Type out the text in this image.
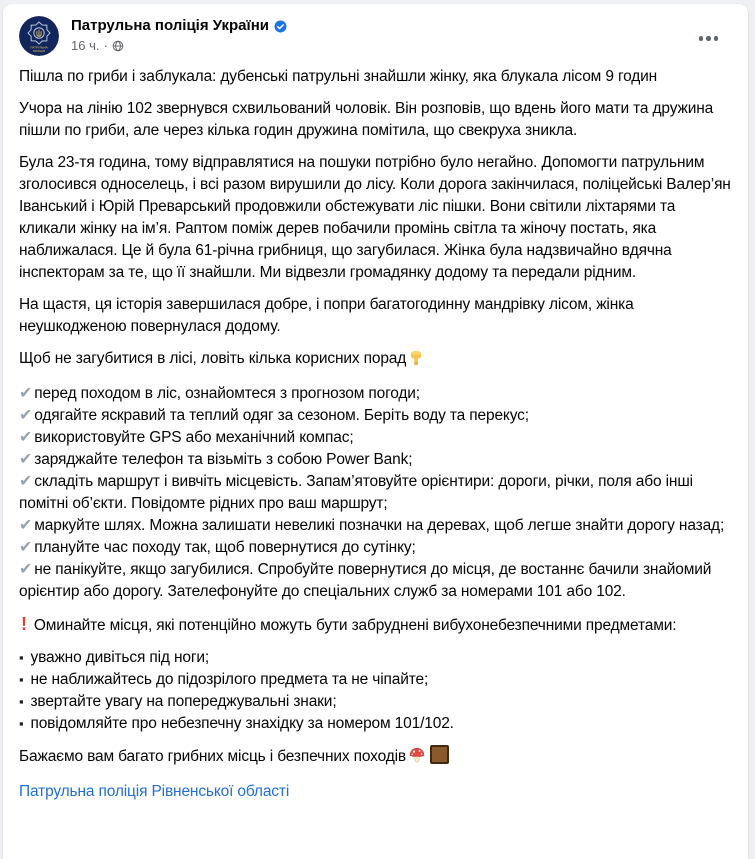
ПАТРУЛЬНА
ПОЛІЦІЯ
Патрульна поліція України
16 ч. ·

Пішла по гриби і заблукала: дубенські патрульні знайшли жінку, яка блукала лісом 9 годин

Учора на лінію 102 звернувся схвильований чоловік. Він розповів, що вдень його мати та дружина пішли по гриби, але через кілька годин дружина помітила, що свекруха зникла.

Була 23-тя година, тому відправлятися на пошуки потрібно було негайно. Допомогти патрульним зголосився односелець, і всі разом вирушили до лісу. Коли дорога закінчилася, поліцейські Валер’ян Іванський і Юрій Преварський продовжили обстежувати ліс пішки. Вони світили ліхтарями та кликали жінку на ім’я. Раптом поміж дерев побачили промінь світла та жіночу постать, яка наближалася. Це й була 61-річна грибниця, що загубилася. Жінка була надзвичайно вдячна інспекторам за те, що її знайшли. Ми відвезли громадянку додому та передали рідним.

На щастя, ця історія завершилася добре, і попри багатогодинну мандрівку лісом, жінка неушкодженою повернулася додому.

Щоб не загубитися в лісі, ловіть кілька корисних порад

✔ перед походом в ліс, ознайомтеся з прогнозом погоди;
✔ одягайте яскравий та теплий одяг за сезоном. Беріть воду та перекус;
✔ використовуйте GPS або механічний компас;
✔ заряджайте телефон та візьміть з собою Power Bank;
✔ складіть маршрут і вивчіть місцевість. Запам’ятовуйте орієнтири: дороги, річки, поля або інші помітні об’єкти. Повідомте рідних про ваш маршрут;
✔ маркуйте шлях. Можна залишати невеликі позначки на деревах, щоб легше знайти дорогу назад;
✔ плануйте час походу так, щоб повернутися до сутінку;
✔ не панікуйте, якщо загубилися. Спробуйте повернутися до місця, де востаннє бачили знайомий орієнтир або дорогу. Зателефонуйте до спеціальних служб за номерами 101 або 102.

! Оминайте місця, які потенційно можуть бути забруднені вибухонебезпечними предметами:

▪ уважно дивіться під ноги;
▪ не наближайтесь до підозрілого предмета та не чіпайте;
▪ звертайте увагу на попереджувальні знаки;
▪ повідомляйте про небезпечну знахідку за номером 101/102.

Бажаємо вам багато грибних місць і безпечних походів

Патрульна поліція Рівненської області
